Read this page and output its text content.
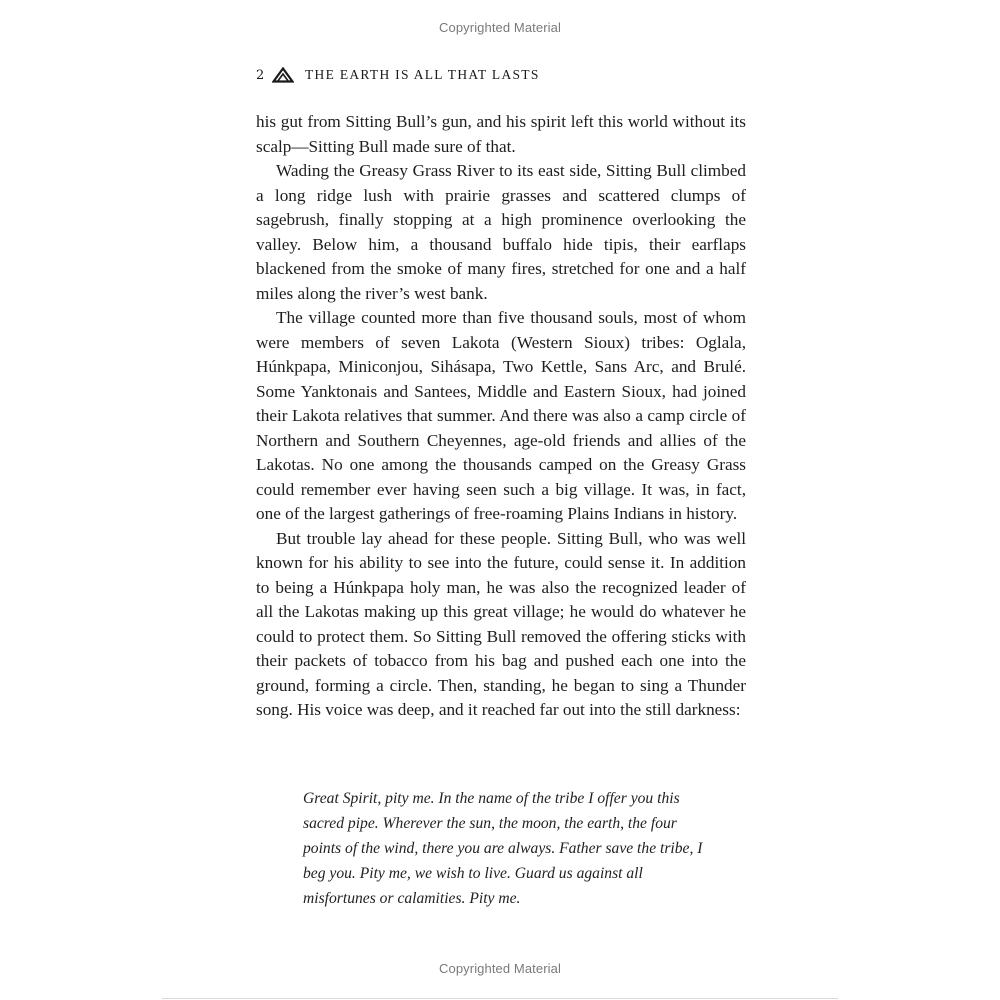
Copyrighted Material
2	THE EARTH IS ALL THAT LASTS

his gut from Sitting Bull’s gun, and his spirit left this world without its scalp—Sitting Bull made sure of that.

Wading the Greasy Grass River to its east side, Sitting Bull climbed a long ridge lush with prairie grasses and scattered clumps of sagebrush, finally stopping at a high prominence overlooking the valley. Below him, a thousand buffalo hide tipis, their earflaps blackened from the smoke of many fires, stretched for one and a half miles along the river’s west bank.

The village counted more than five thousand souls, most of whom were members of seven Lakota (Western Sioux) tribes: Oglala, Húnkpapa, Miniconjou, Sihásapa, Two Kettle, Sans Arc, and Brulé. Some Yanktonais and Santees, Middle and Eastern Sioux, had joined their Lakota relatives that summer. And there was also a camp circle of Northern and Southern Cheyennes, age-old friends and allies of the Lakotas. No one among the thousands camped on the Greasy Grass could remember ever having seen such a big village. It was, in fact, one of the largest gatherings of free-roaming Plains Indians in history.

But trouble lay ahead for these people. Sitting Bull, who was well known for his ability to see into the future, could sense it. In addition to being a Húnkpapa holy man, he was also the recognized leader of all the Lakotas making up this great village; he would do whatever he could to protect them. So Sitting Bull removed the offering sticks with their packets of tobacco from his bag and pushed each one into the ground, forming a circle. Then, standing, he began to sing a Thunder song. His voice was deep, and it reached far out into the still darkness:

Great Spirit, pity me. In the name of the tribe I offer you this sacred pipe. Wherever the sun, the moon, the earth, the four points of the wind, there you are always. Father save the tribe, I beg you. Pity me, we wish to live. Guard us against all misfortunes or calamities. Pity me.

Copyrighted Material
